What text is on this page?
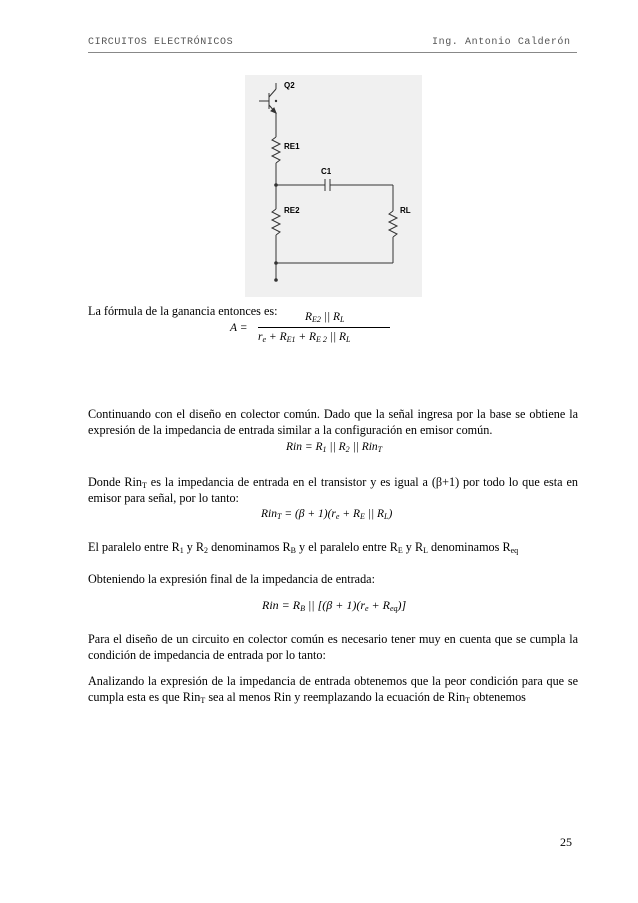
CIRCUITOS ELECTRÓNICOS	Ing. Antonio Calderón
Q2
RE1
C1
RE2	RL
La fórmula de la ganancia entonces es:
A =
$R_{E2}$ || $R_L$
$r_e + R_{E1} + R_{E 2}$ || $R_L$
Continuando con el diseño en colector común. Dado que la señal ingresa por la base se obtiene la expresión de la impedancia de entrada similar a la configuración en emisor común.
Rin = $R_1$ || $R_2$ || Rin$_T$
Donde Rin$_T$ es la impedancia de entrada en el transistor y es igual a (β+1) por todo lo que esta en emisor para señal, por lo tanto:
$Rin_T = (\beta + 1)(r_e + R_E$ || $R_L$)
El paralelo entre $R_1$ y $R_2$ denominamos $R_B$ y el paralelo entre $R_E$ y $R_L$ denominamos $R_{eq}$
Obteniendo la expresión final de la impedancia de entrada:
Rin = $R_B$ || $[(\beta + 1)(r_e + R_{eq})]$
Para el diseño de un circuito en colector común es necesario tener muy en cuenta que se cumpla la condición de impedancia de entrada por lo tanto:
Analizando la expresión de la impedancia de entrada obtenemos que la peor condición para que se cumpla esta es que Rin$_T$ sea al menos Rin y reemplazando la ecuación de Rin$_T$ obtenemos
25
